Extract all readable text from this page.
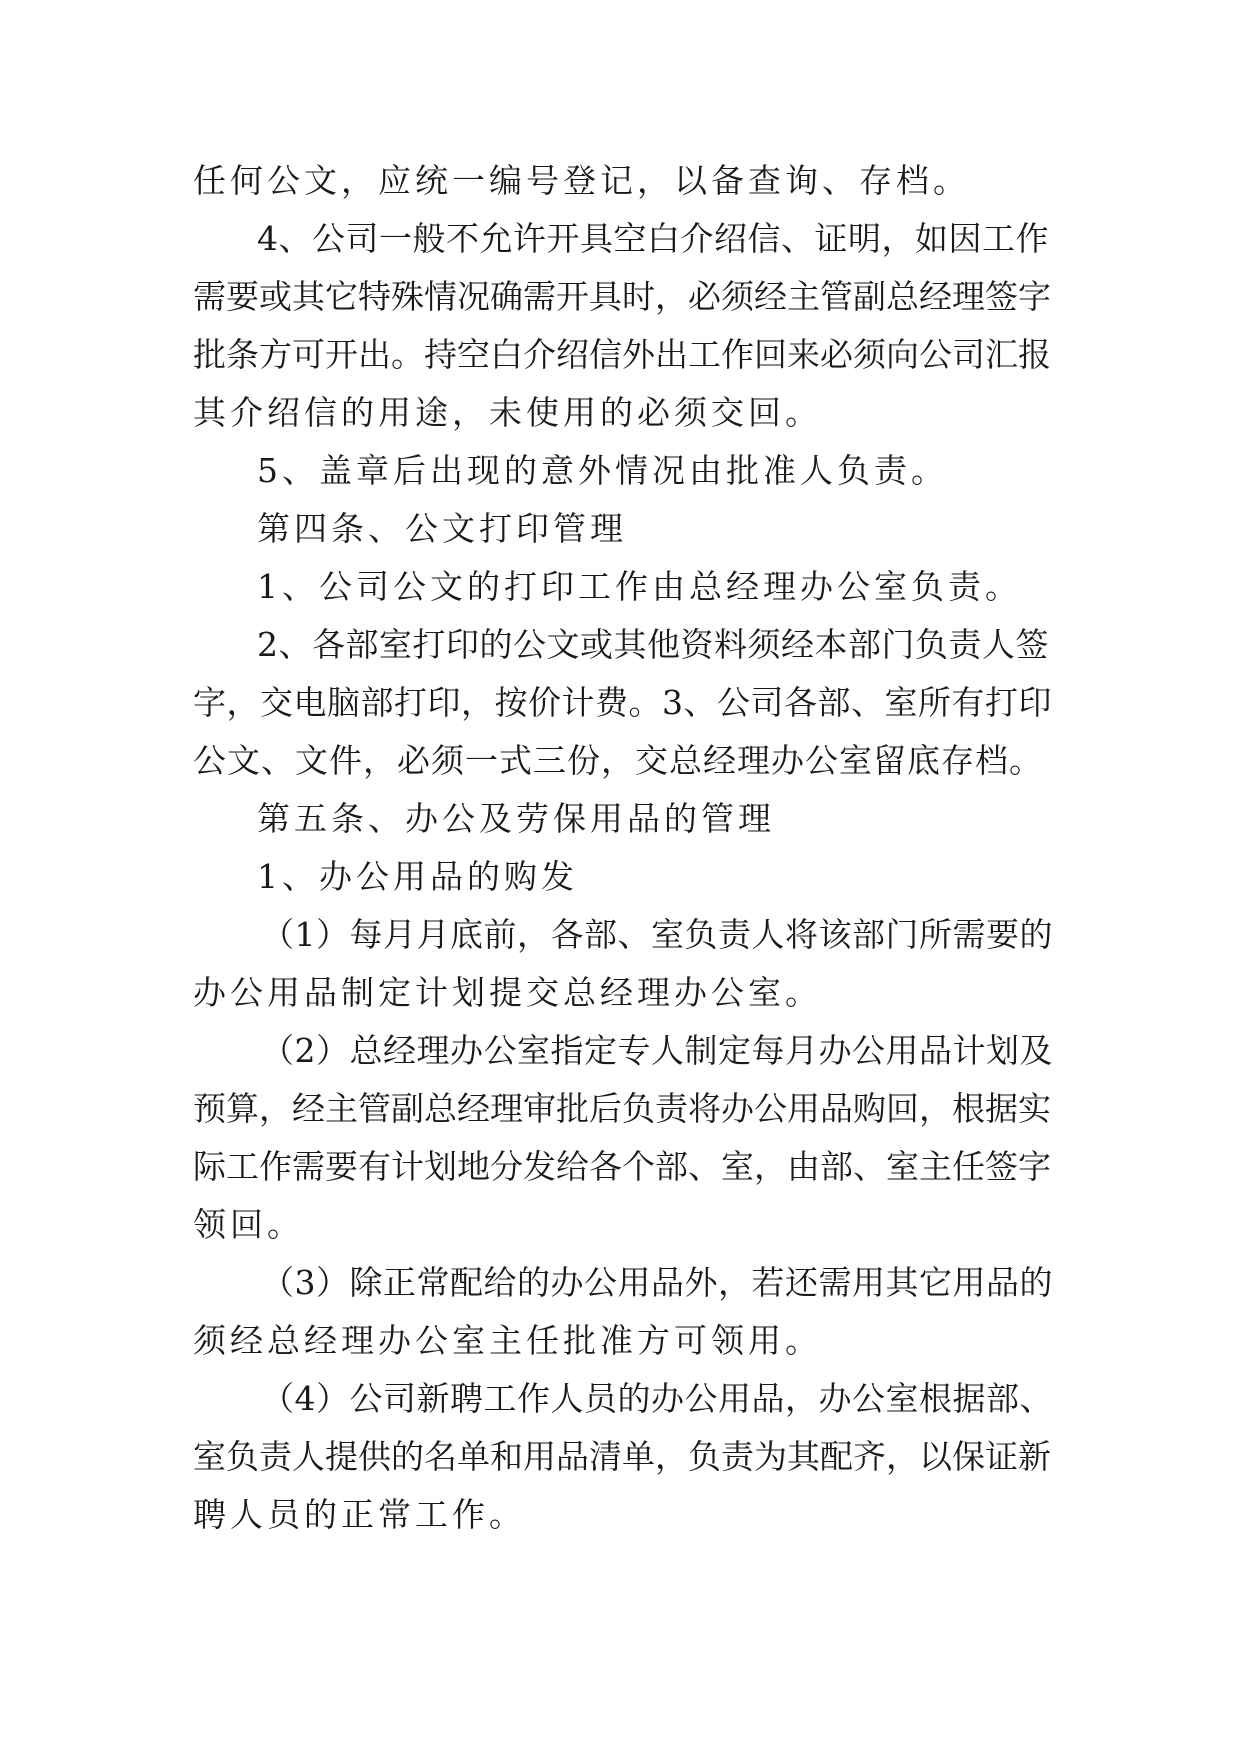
任何公文，应统一编号登记，以备查询、存档。
4、公司一般不允许开具空白介绍信、证明，如因工作
需要或其它特殊情况确需开具时，必须经主管副总经理签字
批条方可开出。持空白介绍信外出工作回来必须向公司汇报
其介绍信的用途，未使用的必须交回。
5、盖章后出现的意外情况由批准人负责。
第四条、公文打印管理
1、公司公文的打印工作由总经理办公室负责。
2、各部室打印的公文或其他资料须经本部门负责人签
字，交电脑部打印，按价计费。3、公司各部、室所有打印
公文、文件，必须一式三份，交总经理办公室留底存档。
第五条、办公及劳保用品的管理
1、办公用品的购发
（1）每月月底前，各部、室负责人将该部门所需要的
办公用品制定计划提交总经理办公室。
（2）总经理办公室指定专人制定每月办公用品计划及
预算，经主管副总经理审批后负责将办公用品购回，根据实
际工作需要有计划地分发给各个部、室，由部、室主任签字
领回。
（3）除正常配给的办公用品外，若还需用其它用品的
须经总经理办公室主任批准方可领用。
（4）公司新聘工作人员的办公用品，办公室根据部、
室负责人提供的名单和用品清单，负责为其配齐，以保证新
聘人员的正常工作。
